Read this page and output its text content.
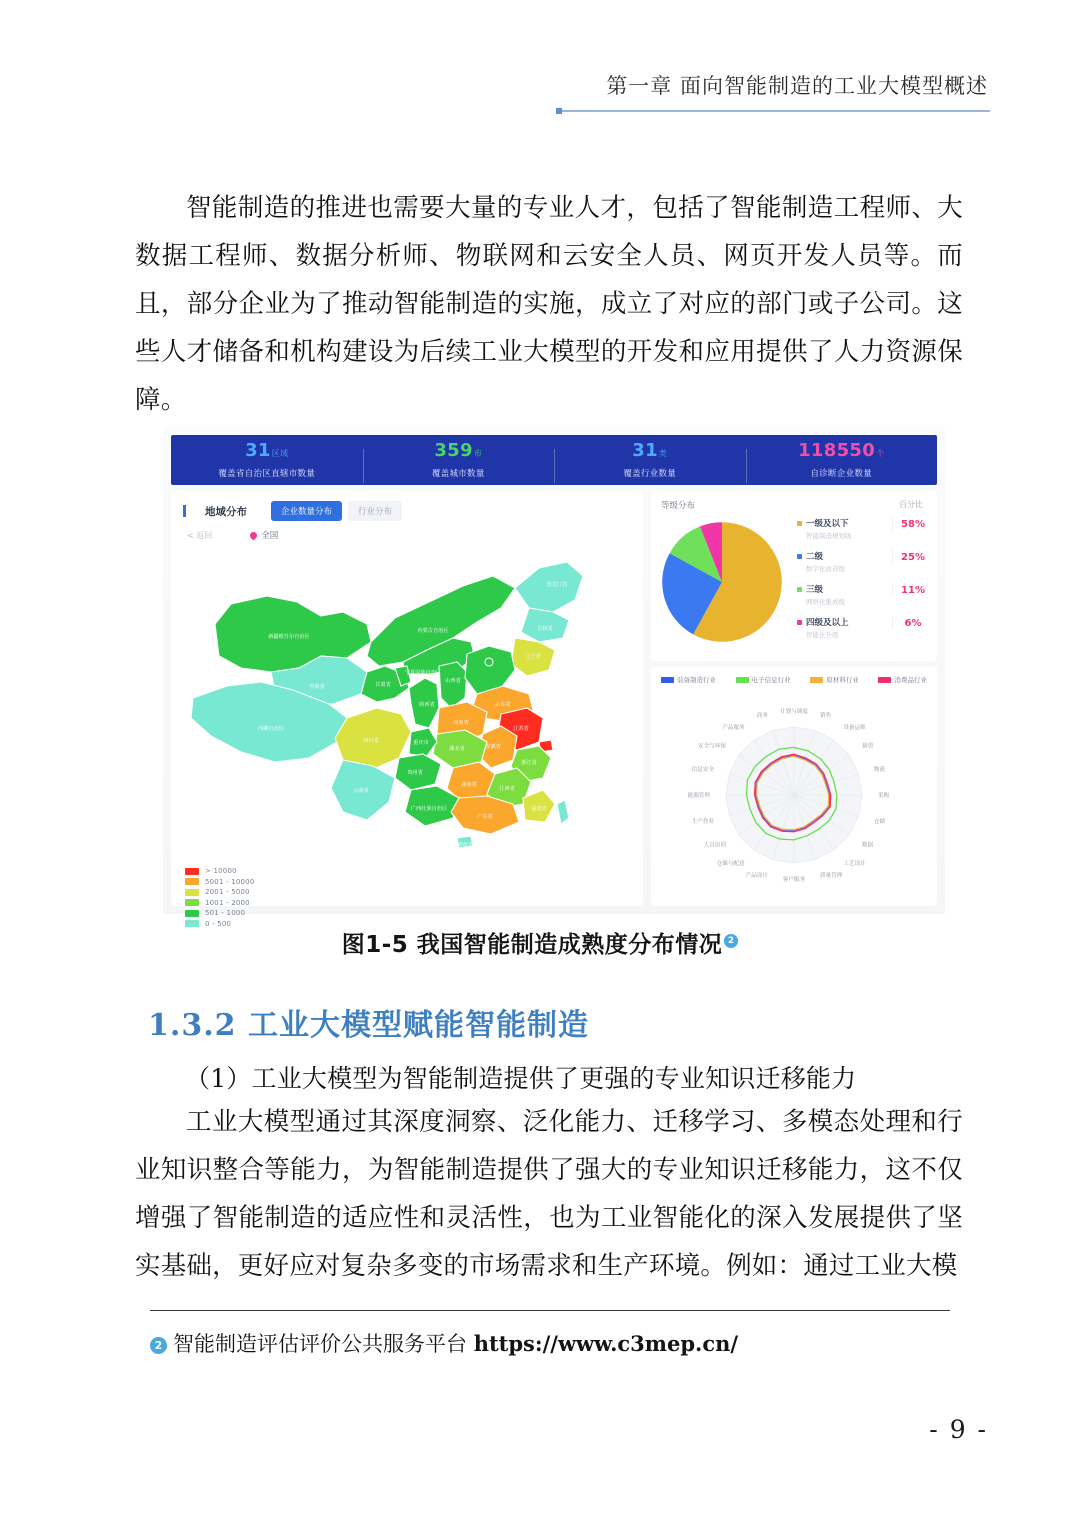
第一章 面向智能制造的工业大模型概述
智能制造的推进也需要大量的专业人才，包括了智能制造工程师、大数据工程师、数据分析师、物联网和云安全人员、网页开发人员等。而且，部分企业为了推动智能制造的实施，成立了对应的部门或子公司。这些人才储备和机构建设为后续工业大模型的开发和应用提供了人力资源保障。
31区域
覆盖省自治区直辖市数量
359市
覆盖城市数量
31类
覆盖行业数量
118550个
自诊断企业数量
地域分布	企业数量分布	行业分布
< 返回	全国
新疆维吾尔自治区
西藏自治区
青海省	甘肃省
宁夏回族自治区
内蒙古自治区
黑龙江省
吉林省
辽宁省
山西省
陕西省	山东省
河南省
江苏省
安徽省
湖北省
浙江省
湖南省
江西省
福建省
四川省	重庆市
贵州省
云南省
广西壮族自治区
广东省
海南省
> 10000
5001 - 10000
2001 - 5000
1001 - 2000
501 - 1000
0 - 500
等级分布	百分比
一级及以下
智能制造规划级
58%
二级
数字化改造级
25%
三级
网络化集成级
11%
四级及以上
智能化升级
6%
装备制造行业	电子信息行业	原材料行业	消费品行业
计划与调度
销售
设备运维
裁剪
物流
采购
仓储
数据
工艺设计
质量管理
客户服务
产品设计
仓储与配送
人员培训
生产作业
能源管理
信息安全
安全与环保
产品服务
商务
图1-5 我国智能制造成熟度分布情况 2
1.3.2 工业大模型赋能智能制造
（1）工业大模型为智能制造提供了更强的专业知识迁移能力
工业大模型通过其深度洞察、泛化能力、迁移学习、多模态处理和行业知识整合等能力，为智能制造提供了强大的专业知识迁移能力，这不仅增强了智能制造的适应性和灵活性，也为工业智能化的深入发展提供了坚实基础，更好应对复杂多变的市场需求和生产环境。例如：通过工业大模
2 智能制造评估评价公共服务平台 https://www.c3mep.cn/
- 9 -
